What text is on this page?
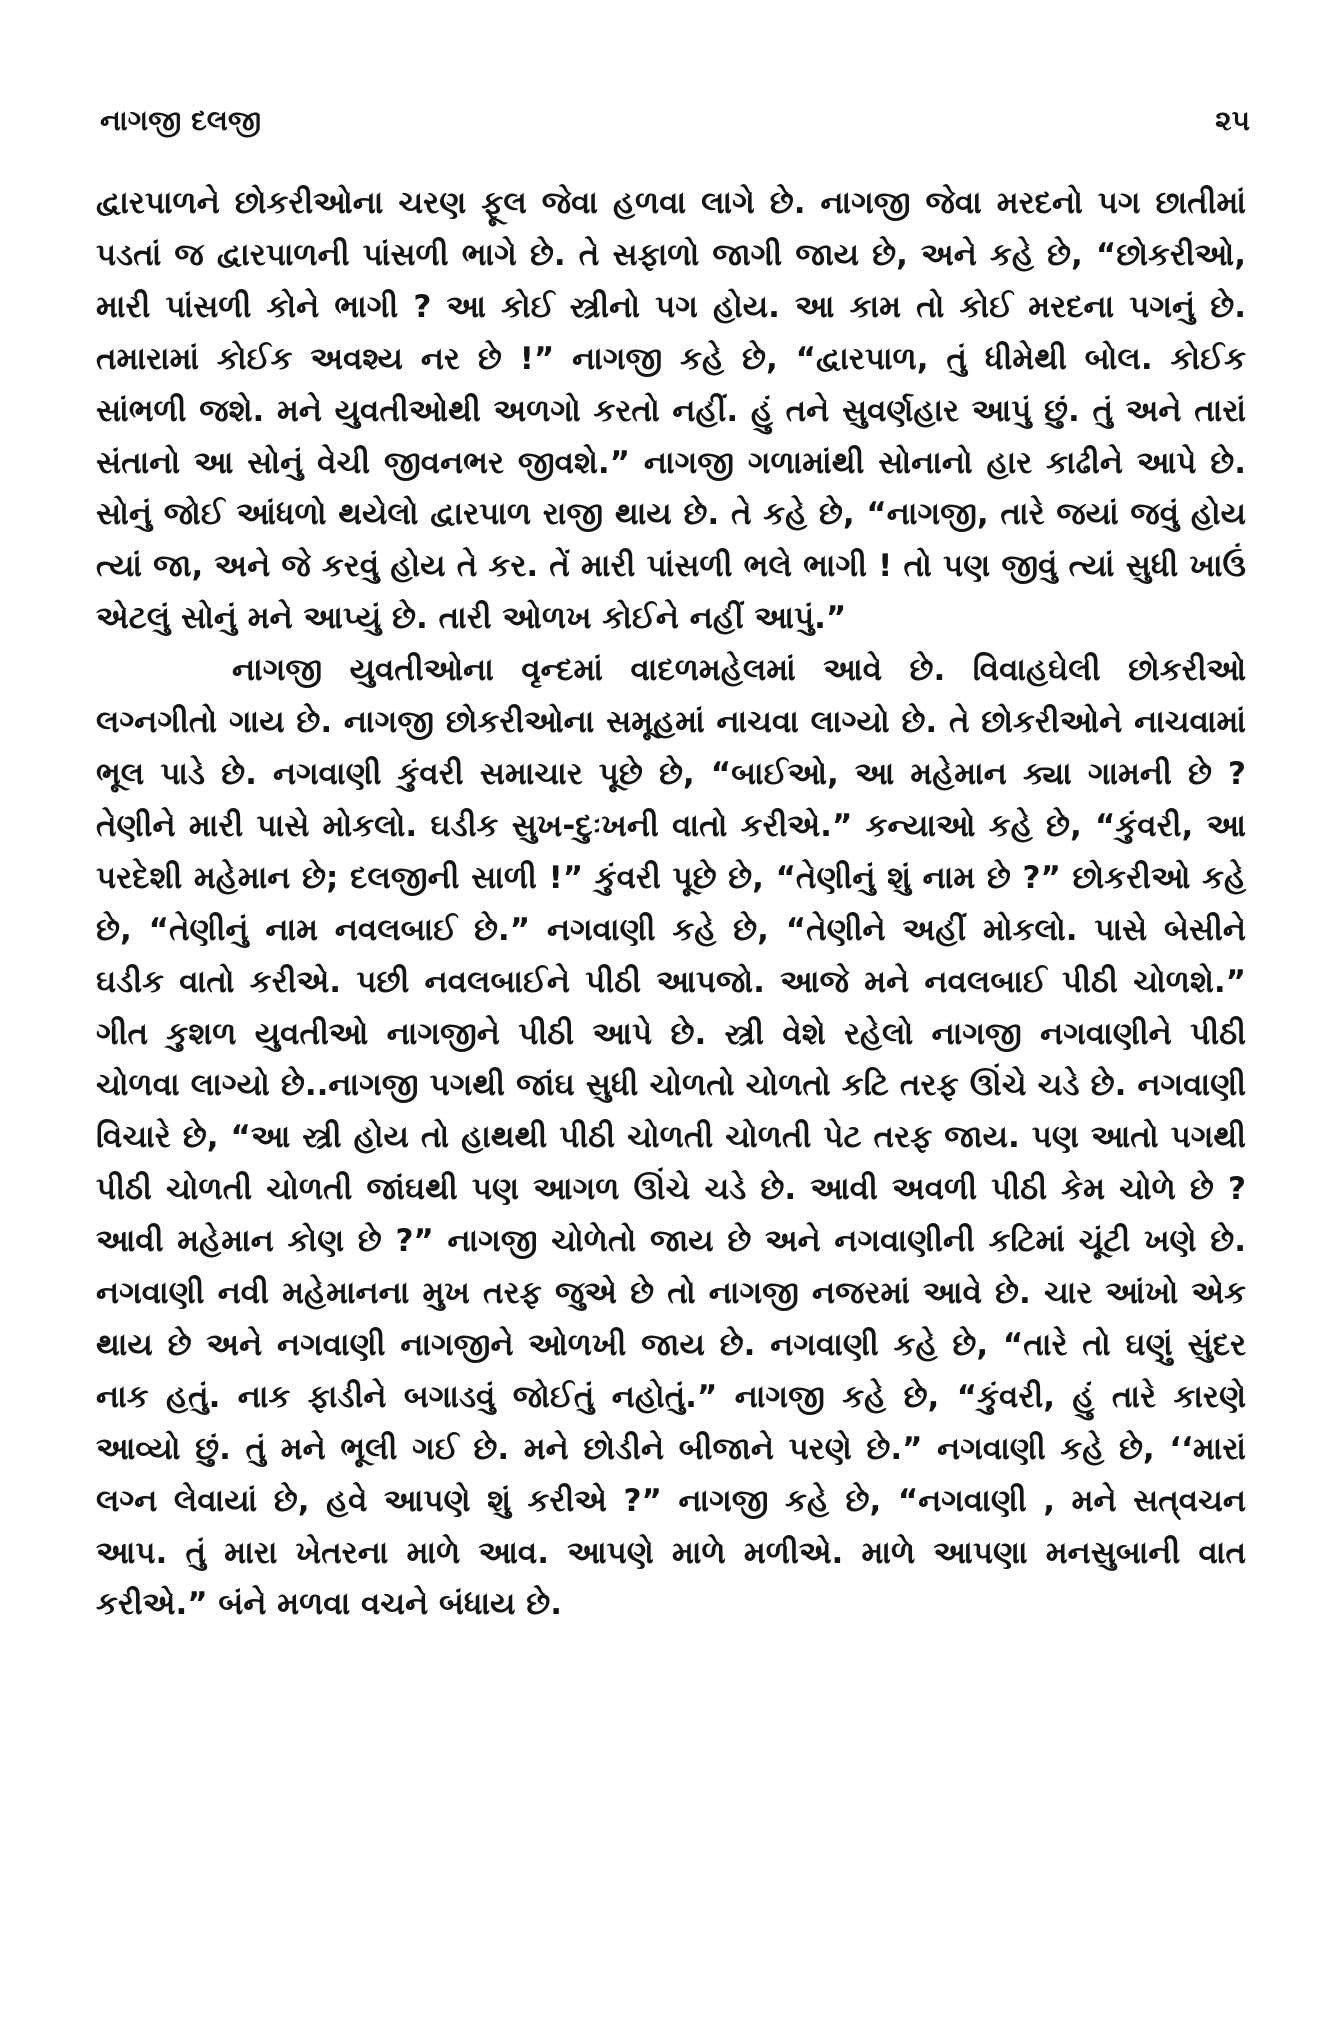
નાગજી દલજી	૨૫

દ્વારપાળને છોકરીઓના ચરણ ફૂલ જેવા હળવા લાગે છે. નાગજી જેવા મરદનો પગ છાતીમાં પડતાં જ દ્વારપાળની પાંસળી ભાગે છે. તે સફાળો જાગી જાય છે, અને કહે છે, “છોકરીઓ, મારી પાંસળી કોને ભાગી ? આ કોઈ સ્ત્રીનો પગ હોય. આ કામ તો કોઈ મરદના પગનું છે. તમારામાં કોઈક અવશ્ય નર છે !” નાગજી કહે છે, “દ્વારપાળ, તું ધીમેથી બોલ. કોઈક સાંભળી જશે. મને યુવતીઓથી અળગો કરતો નહીં. હું તને સુવર્ણહાર આપું છું. તું અને તારાં સંતાનો આ સોનું વેચી જીવનભર જીવશે.” નાગજી ગળામાંથી સોનાનો હાર કાઢીને આપે છે. સોનું જોઈ આંધળો થયેલો દ્વારપાળ રાજી થાય છે. તે કહે છે, “નાગજી, તારે જયાં જવું હોય ત્યાં જા, અને જે કરવું હોય તે કર. તેં મારી પાંસળી ભલે ભાગી ! તો પણ જીવું ત્યાં સુધી ખાઉં એટલું સોનું મને આપ્યું છે. તારી ઓળખ કોઈને નહીં આપું.”

નાગજી યુવતીઓના વૃન્દમાં વાદળમહેલમાં આવે છે. વિવાહઘેલી છોકરીઓ લગ્નગીતો ગાય છે. નાગજી છોકરીઓના સમૂહમાં નાચવા લાગ્યો છે. તે છોકરીઓને નાચવામાં ભૂલ પાડે છે. નગવાણી કુંવરી સમાચાર પૂછે છે, “બાઈઓ, આ મહેમાન ક્યા ગામની છે ? તેણીને મારી પાસે મોકલો. ઘડીક સુખ-દુઃખની વાતો કરીએ.” કન્યાઓ કહે છે, “કુંવરી, આ પરદેશી મહેમાન છે; દલજીની સાળી !” કુંવરી પૂછે છે, “તેણીનું શું નામ છે ?” છોકરીઓ કહે છે, “તેણીનું નામ નવલબાઈ છે.” નગવાણી કહે છે, “તેણીને અહીં મોકલો. પાસે બેસીને ઘડીક વાતો કરીએ. પછી નવલબાઈને પીઠી આપજો. આજે મને નવલબાઈ પીઠી ચોળશે.” ગીત કુશળ યુવતીઓ નાગજીને પીઠી આપે છે. સ્ત્રી વેશે રહેલો નાગજી નગવાણીને પીઠી ચોળવા લાગ્યો છે..નાગજી પગથી જાંઘ સુધી ચોળતો ચોળતો કટિ તરફ ઊંચે ચડે છે. નગવાણી વિચારે છે, “આ સ્ત્રી હોય તો હાથથી પીઠી ચોળતી ચોળતી પેટ તરફ જાય. પણ આતો પગથી પીઠી ચોળતી ચોળતી જાંઘથી પણ આગળ ઊંચે ચડે છે. આવી અવળી પીઠી કેમ ચોળે છે ? આવી મહેમાન કોણ છે ?” નાગજી ચોળેતો જાય છે અને નગવાણીની કટિમાં ચૂંટી ખણે છે. નગવાણી નવી મહેમાનના મુખ તરફ જુએ છે તો નાગજી નજરમાં આવે છે. ચાર આંખો એક થાય છે અને નગવાણી નાગજીને ઓળખી જાય છે. નગવાણી કહે છે, “તારે તો ઘણું સુંદર નાક હતું. નાક ફાડીને બગાડવું જોઈતું નહોતું.” નાગજી કહે છે, “કુંવરી, હું તારે કારણે આવ્યો છું. તું મને ભૂલી ગઈ છે. મને છોડીને બીજાને પરણે છે.” નગવાણી કહે છે, ‘‘મારાં લગ્ન લેવાયાં છે, હવે આપણે શું કરીએ ?” નાગજી કહે છે, “નગવાણી , મને સત્‌વચન આપ. તું મારા ખેતરના માળે આવ. આપણે માળે મળીએ. માળે આપણા મનસુબાની વાત કરીએ.” બંને મળવા વચને બંધાય છે.
